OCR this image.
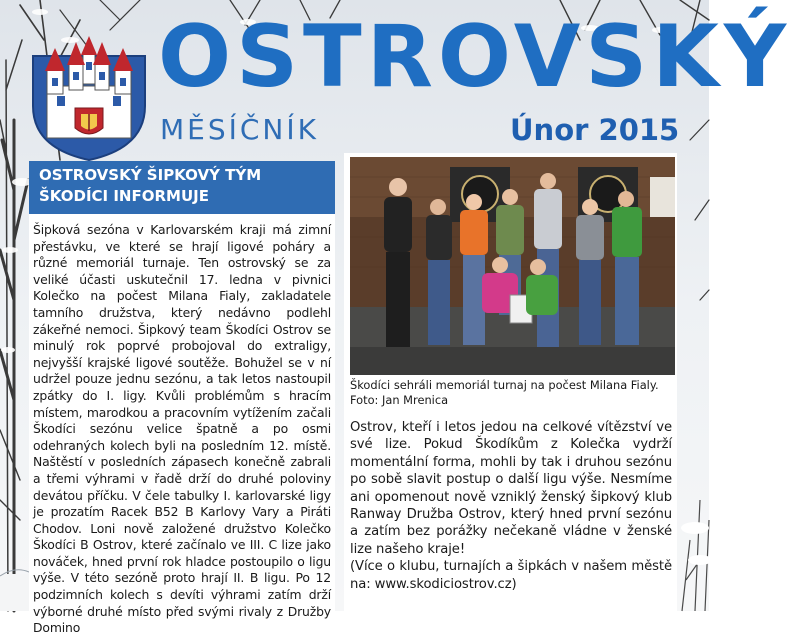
OSTROVSKÝ
MĚSÍČNÍK	Únor 2015
OSTROVSKÝ ŠIPKOVÝ TÝM
ŠKODÍCI INFORMUJE
Šipková sezóna v Karlovarském kraji má zimní přestávku, ve které se hrají ligové poháry a různé memoriál turnaje. Ten ostrovský se za veliké účasti uskutečnil 17. ledna v pivnici Kolečko na počest Milana Fialy, zakladatele tamního družstva, který nedávno podlehl zákeřné nemoci. Šipkový team Škodíci Ostrov se minulý rok poprvé probojoval do extraligy, nejvyšší krajské ligové soutěže. Bohužel se v ní udržel pouze jednu sezónu, a tak letos nastoupil zpátky do I. ligy. Kvůli problémům s hracím místem, marodkou a pracovním vytížením začali Škodíci sezónu velice špatně a po osmi odehraných kolech byli na posledním 12. místě. Naštěstí v posledních zápasech konečně zabrali a třemi výhrami v řadě drží do druhé poloviny devátou příčku. V čele tabulky I. karlovarské ligy je prozatím Racek B52 B Karlovy Vary a Piráti Chodov. Loni nově založené družstvo Kolečko Škodíci B Ostrov, které začínalo ve III. C lize jako nováček, hned první rok hladce postoupilo o ligu výše. V této sezóně proto hrají II. B ligu. Po 12 podzimních kolech s devíti výhrami zatím drží výborné druhé místo před svými rivaly z Družby Domino
Škodíci sehráli memoriál turnaj na počest Milana Fialy.
Foto: Jan Mrenica

Ostrov, kteří i letos jedou na celkové vítězství ve své lize. Pokud Škodíkům z Kolečka vydrží momentální forma, mohli by tak i druhou sezónu po sobě slavit postup o další ligu výše. Nesmíme ani opomenout nově vzniklý ženský šipkový klub Ranway Družba Ostrov, který hned první sezónu a zatím bez porážky nečekaně vládne v ženské lize našeho kraje!

(Více o klubu, turnajích a šipkách v našem městě na: www.skodiciostrov.cz)
